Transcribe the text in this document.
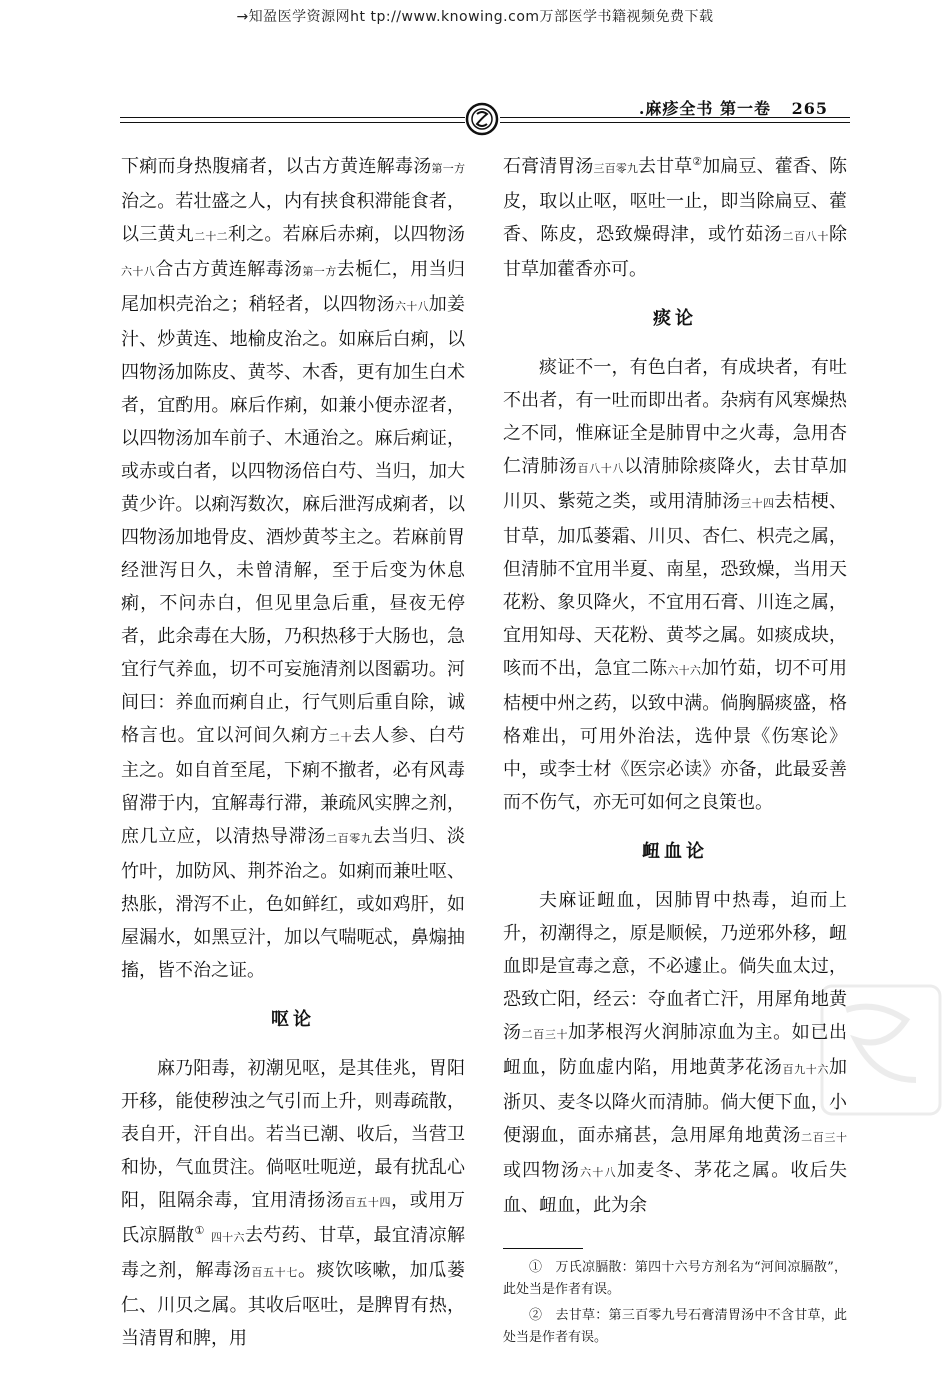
→知盈医学资源网ht tp://www.knowing.com万部医学书籍视频免费下载
.麻疹全书 第一卷 265

下痢而身热腹痛者，以古方黄连解毒汤第一方治之。若壮盛之人，内有挟食积滞能食者，以三黄丸二十二利之。若麻后赤痢，以四物汤六十八合古方黄连解毒汤第一方去栀仁，用当归尾加枳壳治之；稍轻者，以四物汤六十八加姜汁、炒黄连、地榆皮治之。如麻后白痢，以四物汤加陈皮、黄芩、木香，更有加生白术者，宜酌用。麻后作痢，如兼小便赤涩者，以四物汤加车前子、木通治之。麻后痢证，或赤或白者，以四物汤倍白芍、当归，加大黄少许。以痢泻数次，麻后泄泻成痢者，以四物汤加地骨皮、酒炒黄芩主之。若麻前胃经泄泻日久，未曾清解，至于后变为休息痢，不问赤白，但见里急后重，昼夜无停者，此余毒在大肠，乃积热移于大肠也，急宜行气养血，切不可妄施清剂以图霸功。河间曰：养血而痢自止，行气则后重自除，诚格言也。宜以河间久痢方二十去人参、白芍主之。如自首至尾，下痢不撤者，必有风毒留滞于内，宜解毒行滞，兼疏风实脾之剂，庶几立应，以清热导滞汤二百零九去当归、淡竹叶，加防风、荆芥治之。如痢而兼吐呕、热胀，滑泻不止，色如鲜红，或如鸡肝，如屋漏水，如黑豆汁，加以气喘呃忒，鼻煽抽搐，皆不治之证。

呕论

麻乃阳毒，初潮见呕，是其佳兆，胃阳开移，能使秽浊之气引而上升，则毒疏散，表自开，汗自出。若当已潮、收后，当营卫和协，气血贯注。倘呕吐呃逆，最有扰乱心阳，阻隔余毒，宜用清扬汤百五十四，或用万氏凉膈散① 四十六去芍药、甘草，最宜清凉解毒之剂，解毒汤百五十七。痰饮咳嗽，加瓜蒌仁、川贝之属。其收后呕吐，是脾胃有热，当清胃和脾，用

石膏清胃汤三百零九去甘草②加扁豆、藿香、陈皮，取以止呕，呕吐一止，即当除扁豆、藿香、陈皮，恐致燥碍津，或竹茹汤二百八十除甘草加藿香亦可。

痰论

痰证不一，有色白者，有成块者，有吐不出者，有一吐而即出者。杂病有风寒燥热之不同，惟麻证全是肺胃中之火毒，急用杏仁清肺汤百八十八以清肺除痰降火，去甘草加川贝、紫菀之类，或用清肺汤三十四去桔梗、甘草，加瓜蒌霜、川贝、杏仁、枳壳之属，但清肺不宜用半夏、南星，恐致燥，当用天花粉、象贝降火，不宜用石膏、川连之属，宜用知母、天花粉、黄芩之属。如痰成块，咳而不出，急宜二陈六十六加竹茹，切不可用桔梗中州之药，以致中满。倘胸膈痰盛，格格难出，可用外治法，选仲景《伤寒论》中，或李士材《医宗必读》亦备，此最妥善而不伤气，亦无可如何之良策也。

衄血论

夫麻证衄血，因肺胃中热毒，迫而上升，初潮得之，原是顺候，乃逆邪外移，衄血即是宣毒之意，不必遽止。倘失血太过，恐致亡阳，经云：夺血者亡汗，用犀角地黄汤二百三十加茅根泻火润肺凉血为主。如已出衄血，防血虚内陷，用地黄茅花汤百九十六加浙贝、麦冬以降火而清肺。倘大便下血，小便溺血，面赤痛甚，急用犀角地黄汤二百三十或四物汤六十八加麦冬、茅花之属。收后失血、衄血，此为余

①　万氏凉膈散：第四十六号方剂名为“河间凉膈散”，此处当是作者有误。

②　去甘草：第三百零九号石膏清胃汤中不含甘草，此处当是作者有误。
